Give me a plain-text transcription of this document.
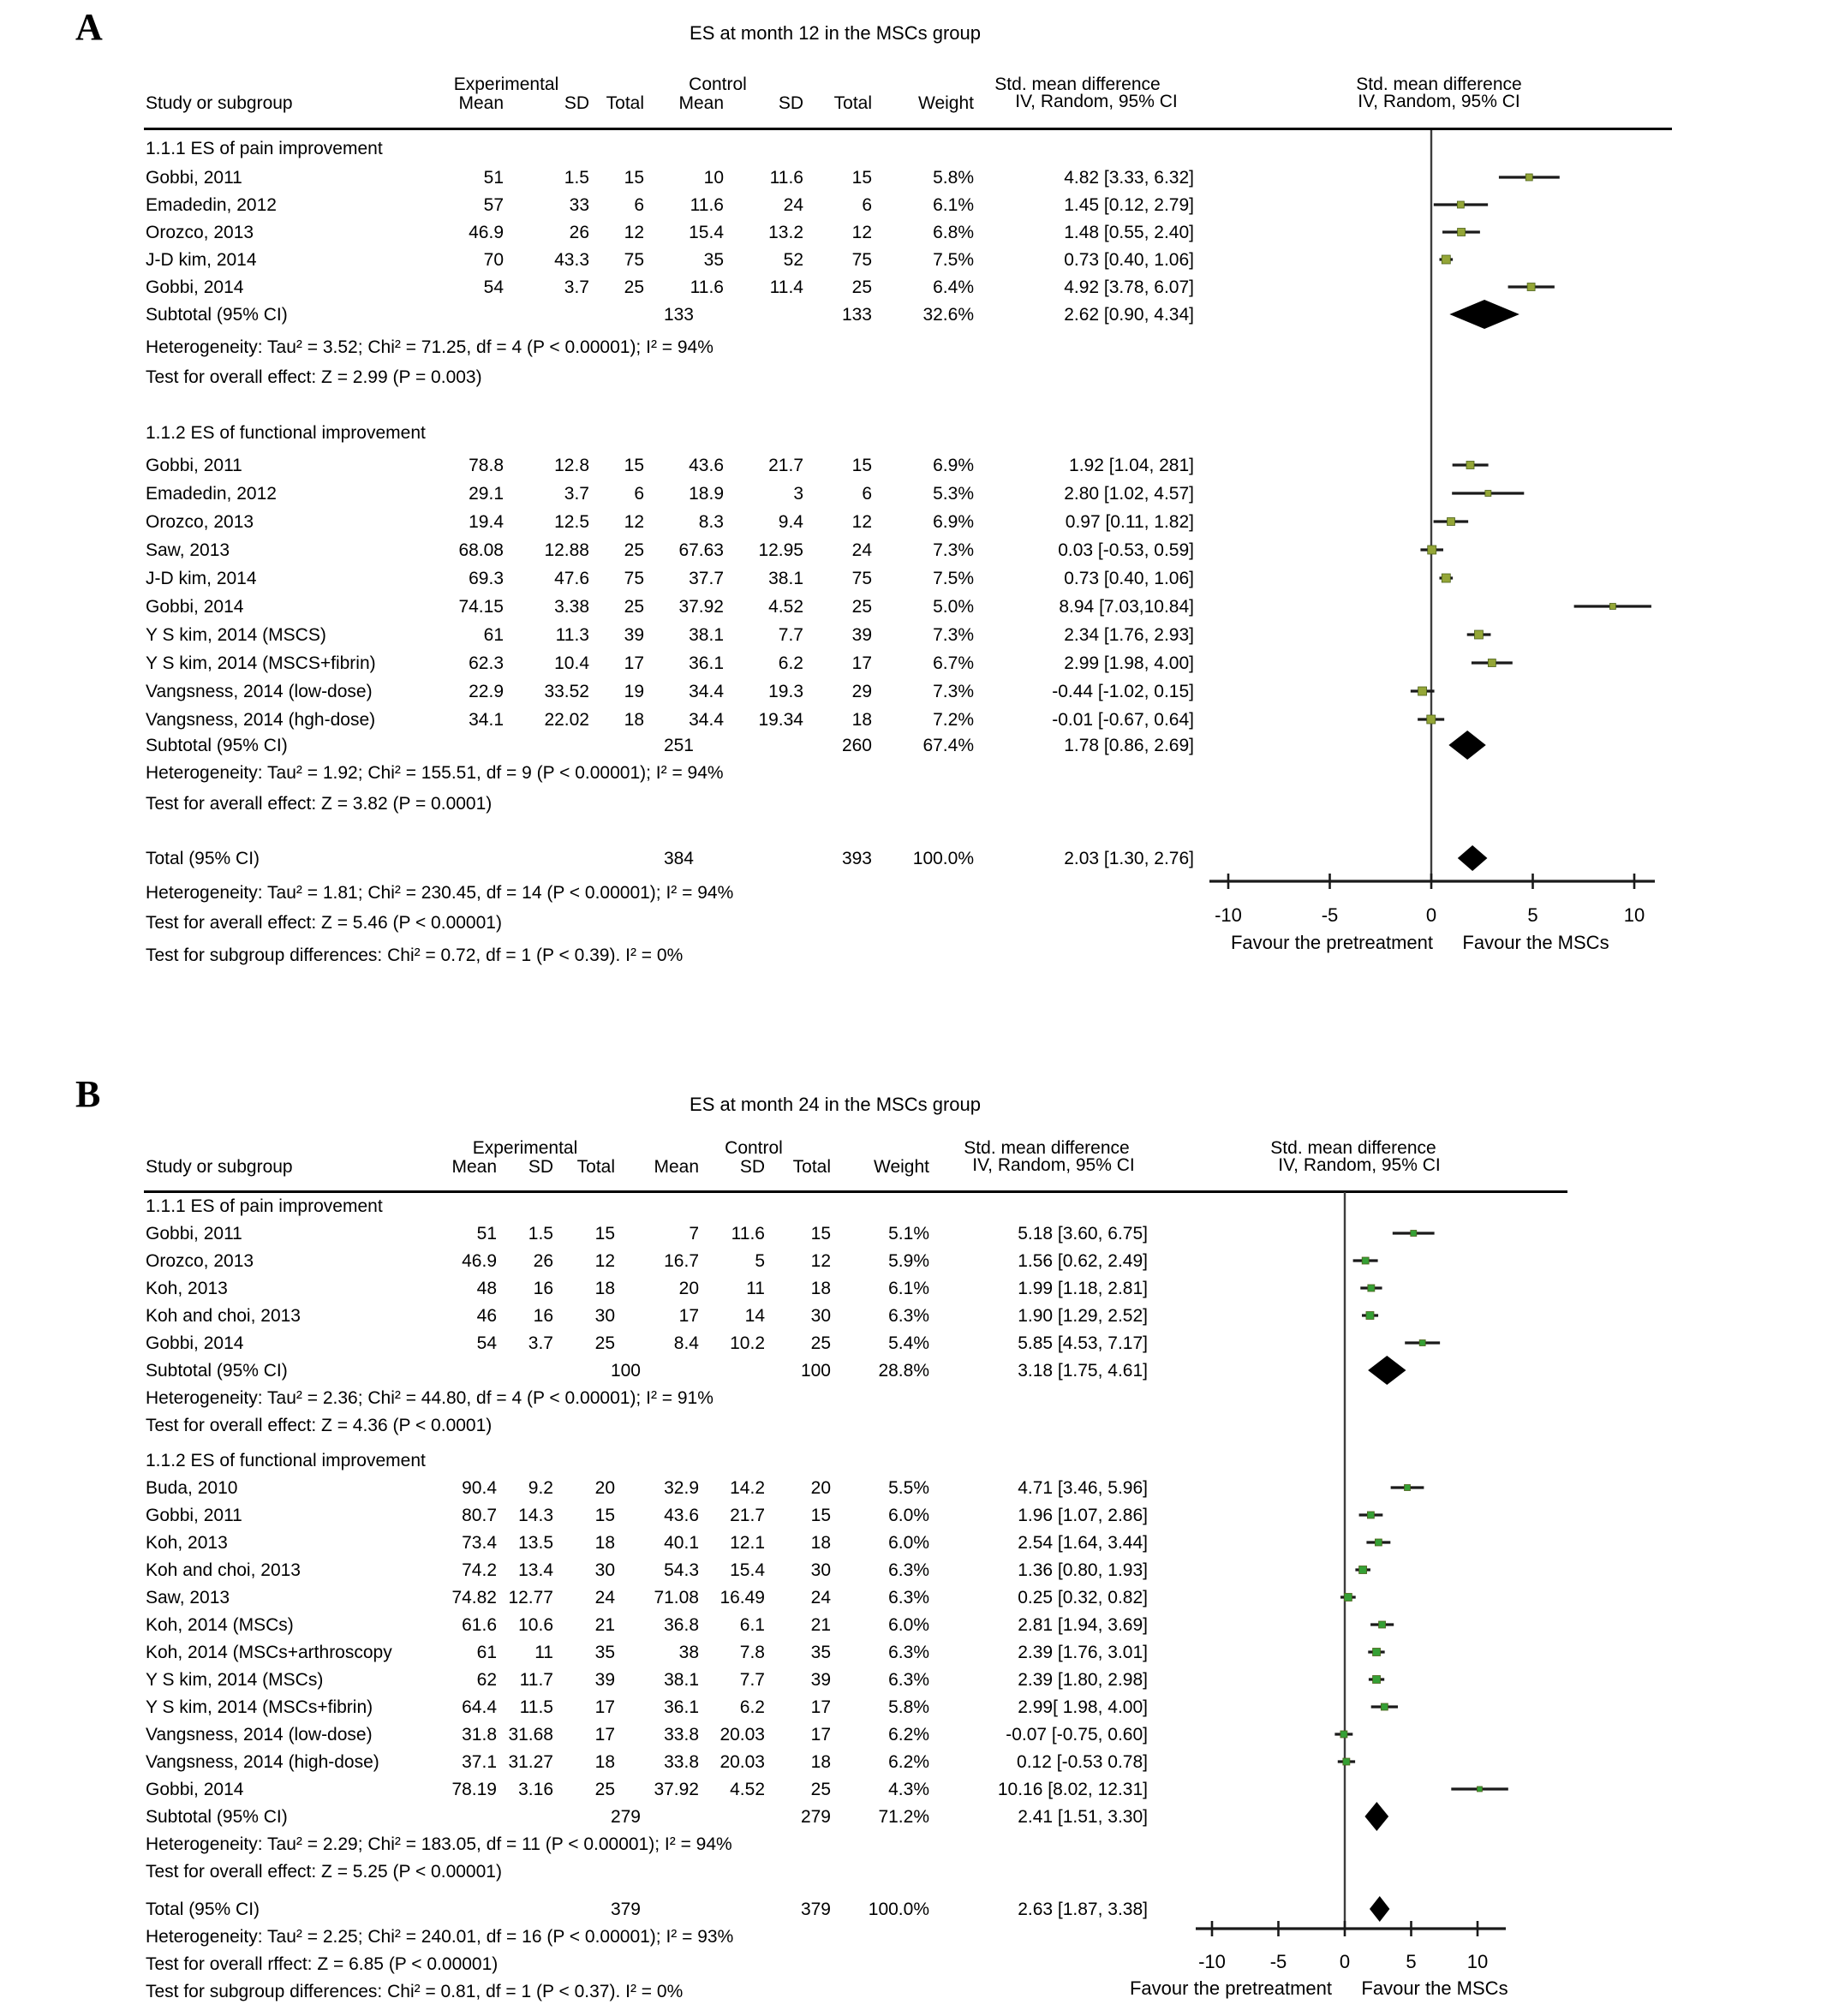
A	ES at month 12 in the MSCs group
Experimental	Control	Std. mean difference	Std. mean difference
Study or subgroup	Mean	SD Total	Mean	SD	Total	Weight IV, Random, 95% CI	IV, Random, 95% CI
1.1.1 ES of pain improvement
Gobbi, 2011	51	1.5	15	10	11.6	15	5.8%	4.82 [3.33, 6.32]
Emadedin, 2012	57	33	6	11.6	24	6	6.1%	1.45 [0.12, 2.79]
Orozco, 2013	46.9	26	12	15.4	13.2	12	6.8%	1.48 [0.55, 2.40]
J-D kim, 2014	70	43.3	75	35	52	75	7.5%	0.73 [0.40, 1.06]
Gobbi, 2014	54	3.7	25	11.6	11.4	25	6.4%	4.92 [3.78, 6.07]
Subtotal (95% CI)	133	133	32.6%	2.62 [0.90, 4.34]
Heterogeneity: Tau² = 3.52; Chi² = 71.25, df = 4 (P < 0.00001); I² = 94%
Test for overall effect: Z = 2.99 (P = 0.003)
1.1.2 ES of functional improvement
Gobbi, 2011	78.8	12.8	15	43.6	21.7	15	6.9%	1.92 [1.04, 281]
Emadedin, 2012	29.1	3.7	6	18.9	3	6	5.3%	2.80 [1.02, 4.57]
Orozco, 2013	19.4	12.5	12	8.3	9.4	12	6.9%	0.97 [0.11, 1.82]
Saw, 2013	68.08	12.88	25	67.63	12.95	24	7.3%	0.03 [-0.53, 0.59]
J-D kim, 2014	69.3	47.6	75	37.7	38.1	75	7.5%	0.73 [0.40, 1.06]
Gobbi, 2014	74.15	3.38	25	37.92	4.52	25	5.0%	8.94 [7.03,10.84]
Y S kim, 2014 (MSCS)	61	11.3	39	38.1	7.7	39	7.3%	2.34 [1.76, 2.93]
Y S kim, 2014 (MSCS+fibrin)	62.3	10.4	17	36.1	6.2	17	6.7%	2.99 [1.98, 4.00]
Vangsness, 2014 (low-dose)	22.9	33.52	19	34.4	19.3	29	7.3%	-0.44 [-1.02, 0.15]
Vangsness, 2014 (hgh-dose)	34.1	22.02	18	34.4	19.34	18	7.2%	-0.01 [-0.67, 0.64]
Subtotal (95% CI)	251	260	67.4%	1.78 [0.86, 2.69]
Heterogeneity: Tau² = 1.92; Chi² = 155.51, df = 9 (P < 0.00001); I² = 94%
Test for averall effect: Z = 3.82 (P = 0.0001)
Total (95% CI)	384	393	100.0%	2.03 [1.30, 2.76]
Heterogeneity: Tau² = 1.81; Chi² = 230.45, df = 14 (P < 0.00001); I² = 94%
Test for averall effect: Z = 5.46 (P < 0.00001)
Test for subgroup differences: Chi² = 0.72, df = 1 (P < 0.39). I² = 0%
-10	-5	0	5	10
Favour the pretreatment Favour the MSCs
B	ES at month 24 in the MSCs group
Experimental	Control	Std. mean difference	Std. mean difference
Study or subgroup	Mean	SD	Total	Mean	SD	Total	Weight IV, Random, 95% CI	IV, Random, 95% CI
1.1.1 ES of pain improvement
Gobbi, 2011	51	1.5	15	7	11.6	15	5.1%	5.18 [3.60, 6.75]
Orozco, 2013	46.9	26	12	16.7	5	12	5.9%	1.56 [0.62, 2.49]
Koh, 2013	48	16	18	20	11	18	6.1%	1.99 [1.18, 2.81]
Koh and choi, 2013	46	16	30	17	14	30	6.3%	1.90 [1.29, 2.52]
Gobbi, 2014	54	3.7	25	8.4	10.2	25	5.4%	5.85 [4.53, 7.17]
Subtotal (95% CI)	100	100	28.8%	3.18 [1.75, 4.61]
Heterogeneity: Tau² = 2.36; Chi² = 44.80, df = 4 (P < 0.00001); I² = 91%
Test for overall effect: Z = 4.36 (P < 0.0001)
1.1.2 ES of functional improvement
Buda, 2010	90.4	9.2	20	32.9	14.2	20	5.5%	4.71 [3.46, 5.96]
Gobbi, 2011	80.7	14.3	15	43.6	21.7	15	6.0%	1.96 [1.07, 2.86]
Koh, 2013	73.4	13.5	18	40.1	12.1	18	6.0%	2.54 [1.64, 3.44]
Koh and choi, 2013	74.2	13.4	30	54.3	15.4	30	6.3%	1.36 [0.80, 1.93]
Saw, 2013	74.82 12.77	24	71.08	16.49	24	6.3%	0.25 [0.32, 0.82]
Koh, 2014 (MSCs)	61.6	10.6	21	36.8	6.1	21	6.0%	2.81 [1.94, 3.69]
Koh, 2014 (MSCs+arthroscopy	61	11	35	38	7.8	35	6.3%	2.39 [1.76, 3.01]
Y S kim, 2014 (MSCs)	62	11.7	39	38.1	7.7	39	6.3%	2.39 [1.80, 2.98]
Y S kim, 2014 (MSCs+fibrin)	64.4	11.5	17	36.1	6.2	17	5.8%	2.99[ 1.98, 4.00]
Vangsness, 2014 (low-dose)	31.8 31.68	17	33.8	20.03	17	6.2%	-0.07 [-0.75, 0.60]
Vangsness, 2014 (high-dose)	37.1 31.27	18	33.8	20.03	18	6.2%	0.12 [-0.53 0.78]
Gobbi, 2014	78.19	3.16	25	37.92	4.52	25	4.3%	10.16 [8.02, 12.31]
Subtotal (95% CI)	279	279	71.2%	2.41 [1.51, 3.30]
Heterogeneity: Tau² = 2.29; Chi² = 183.05, df = 11 (P < 0.00001); I² = 94%
Test for overall effect: Z = 5.25 (P < 0.00001)
Total (95% CI)	379	379	100.0%	2.63 [1.87, 3.38]
Heterogeneity: Tau² = 2.25; Chi² = 240.01, df = 16 (P < 0.00001); I² = 93%
Test for overall rffect: Z = 6.85 (P < 0.00001)
Test for subgroup differences: Chi² = 0.81, df = 1 (P < 0.37). I² = 0%
-10 -5	0	5	10
Favour the pretreatment Favour the MSCs
